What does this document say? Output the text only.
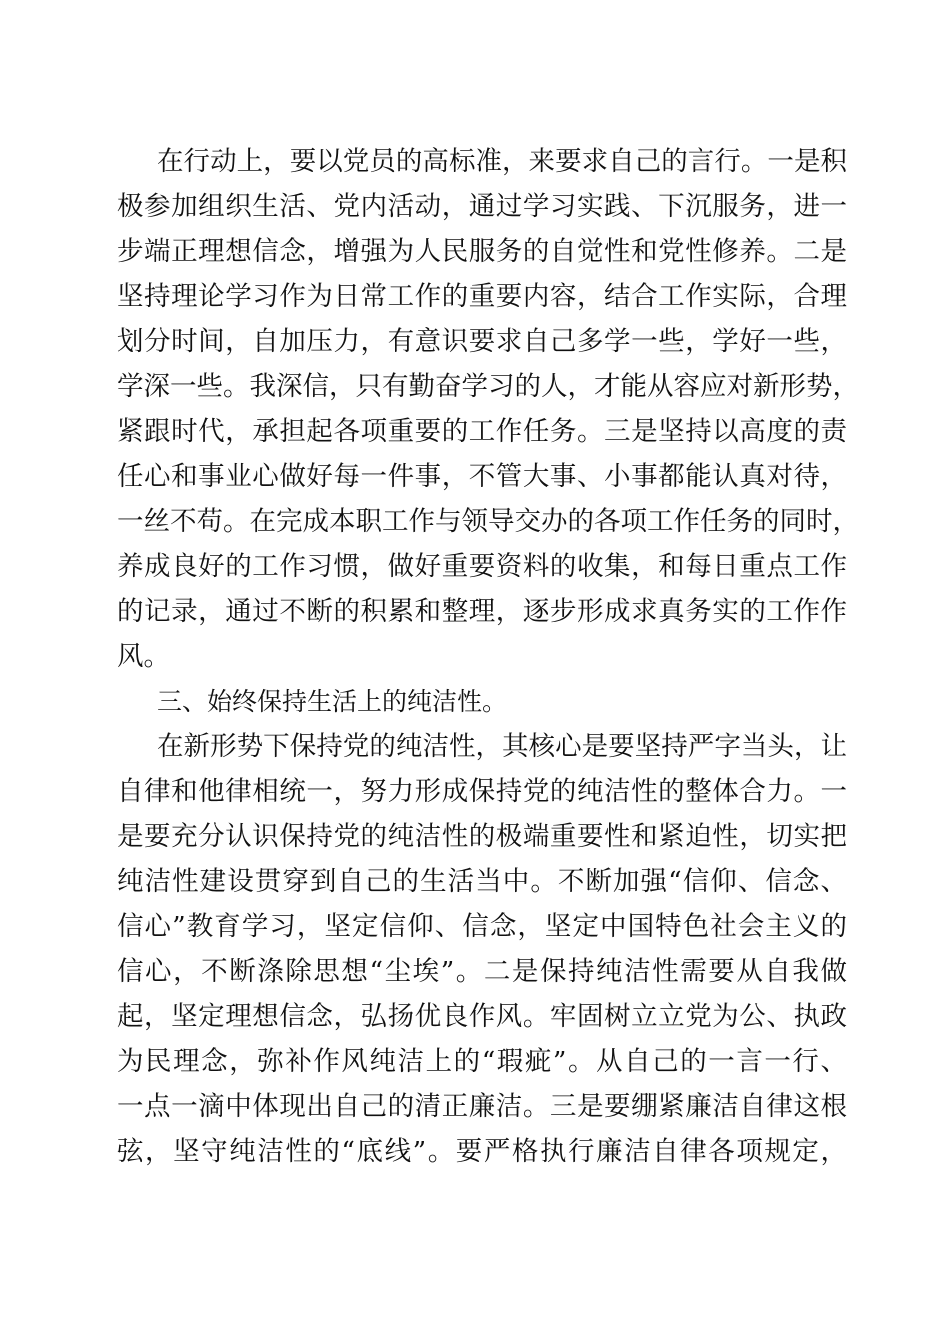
在行动上，要以党员的高标准，来要求自己的言行。一是积

极参加组织生活、党内活动，通过学习实践、下沉服务，进一

步端正理想信念，增强为人民服务的自觉性和党性修养。二是

坚持理论学习作为日常工作的重要内容，结合工作实际，合理

划分时间，自加压力，有意识要求自己多学一些，学好一些，

学深一些。我深信，只有勤奋学习的人，才能从容应对新形势，

紧跟时代，承担起各项重要的工作任务。三是坚持以高度的责

任心和事业心做好每一件事，不管大事、小事都能认真对待，

一丝不苟。在完成本职工作与领导交办的各项工作任务的同时，

养成良好的工作习惯，做好重要资料的收集，和每日重点工作

的记录，通过不断的积累和整理，逐步形成求真务实的工作作

风。

三、始终保持生活上的纯洁性。

在新形势下保持党的纯洁性，其核心是要坚持严字当头，让

自律和他律相统一，努力形成保持党的纯洁性的整体合力。一

是要充分认识保持党的纯洁性的极端重要性和紧迫性，切实把

纯洁性建设贯穿到自己的生活当中。不断加强“信仰、信念、

信心”教育学习，坚定信仰、信念，坚定中国特色社会主义的

信心，不断涤除思想“尘埃”。二是保持纯洁性需要从自我做

起，坚定理想信念，弘扬优良作风。牢固树立立党为公、执政

为民理念，弥补作风纯洁上的“瑕疵”。从自己的一言一行、

一点一滴中体现出自己的清正廉洁。三是要绷紧廉洁自律这根

弦，坚守纯洁性的“底线”。要严格执行廉洁自律各项规定，
